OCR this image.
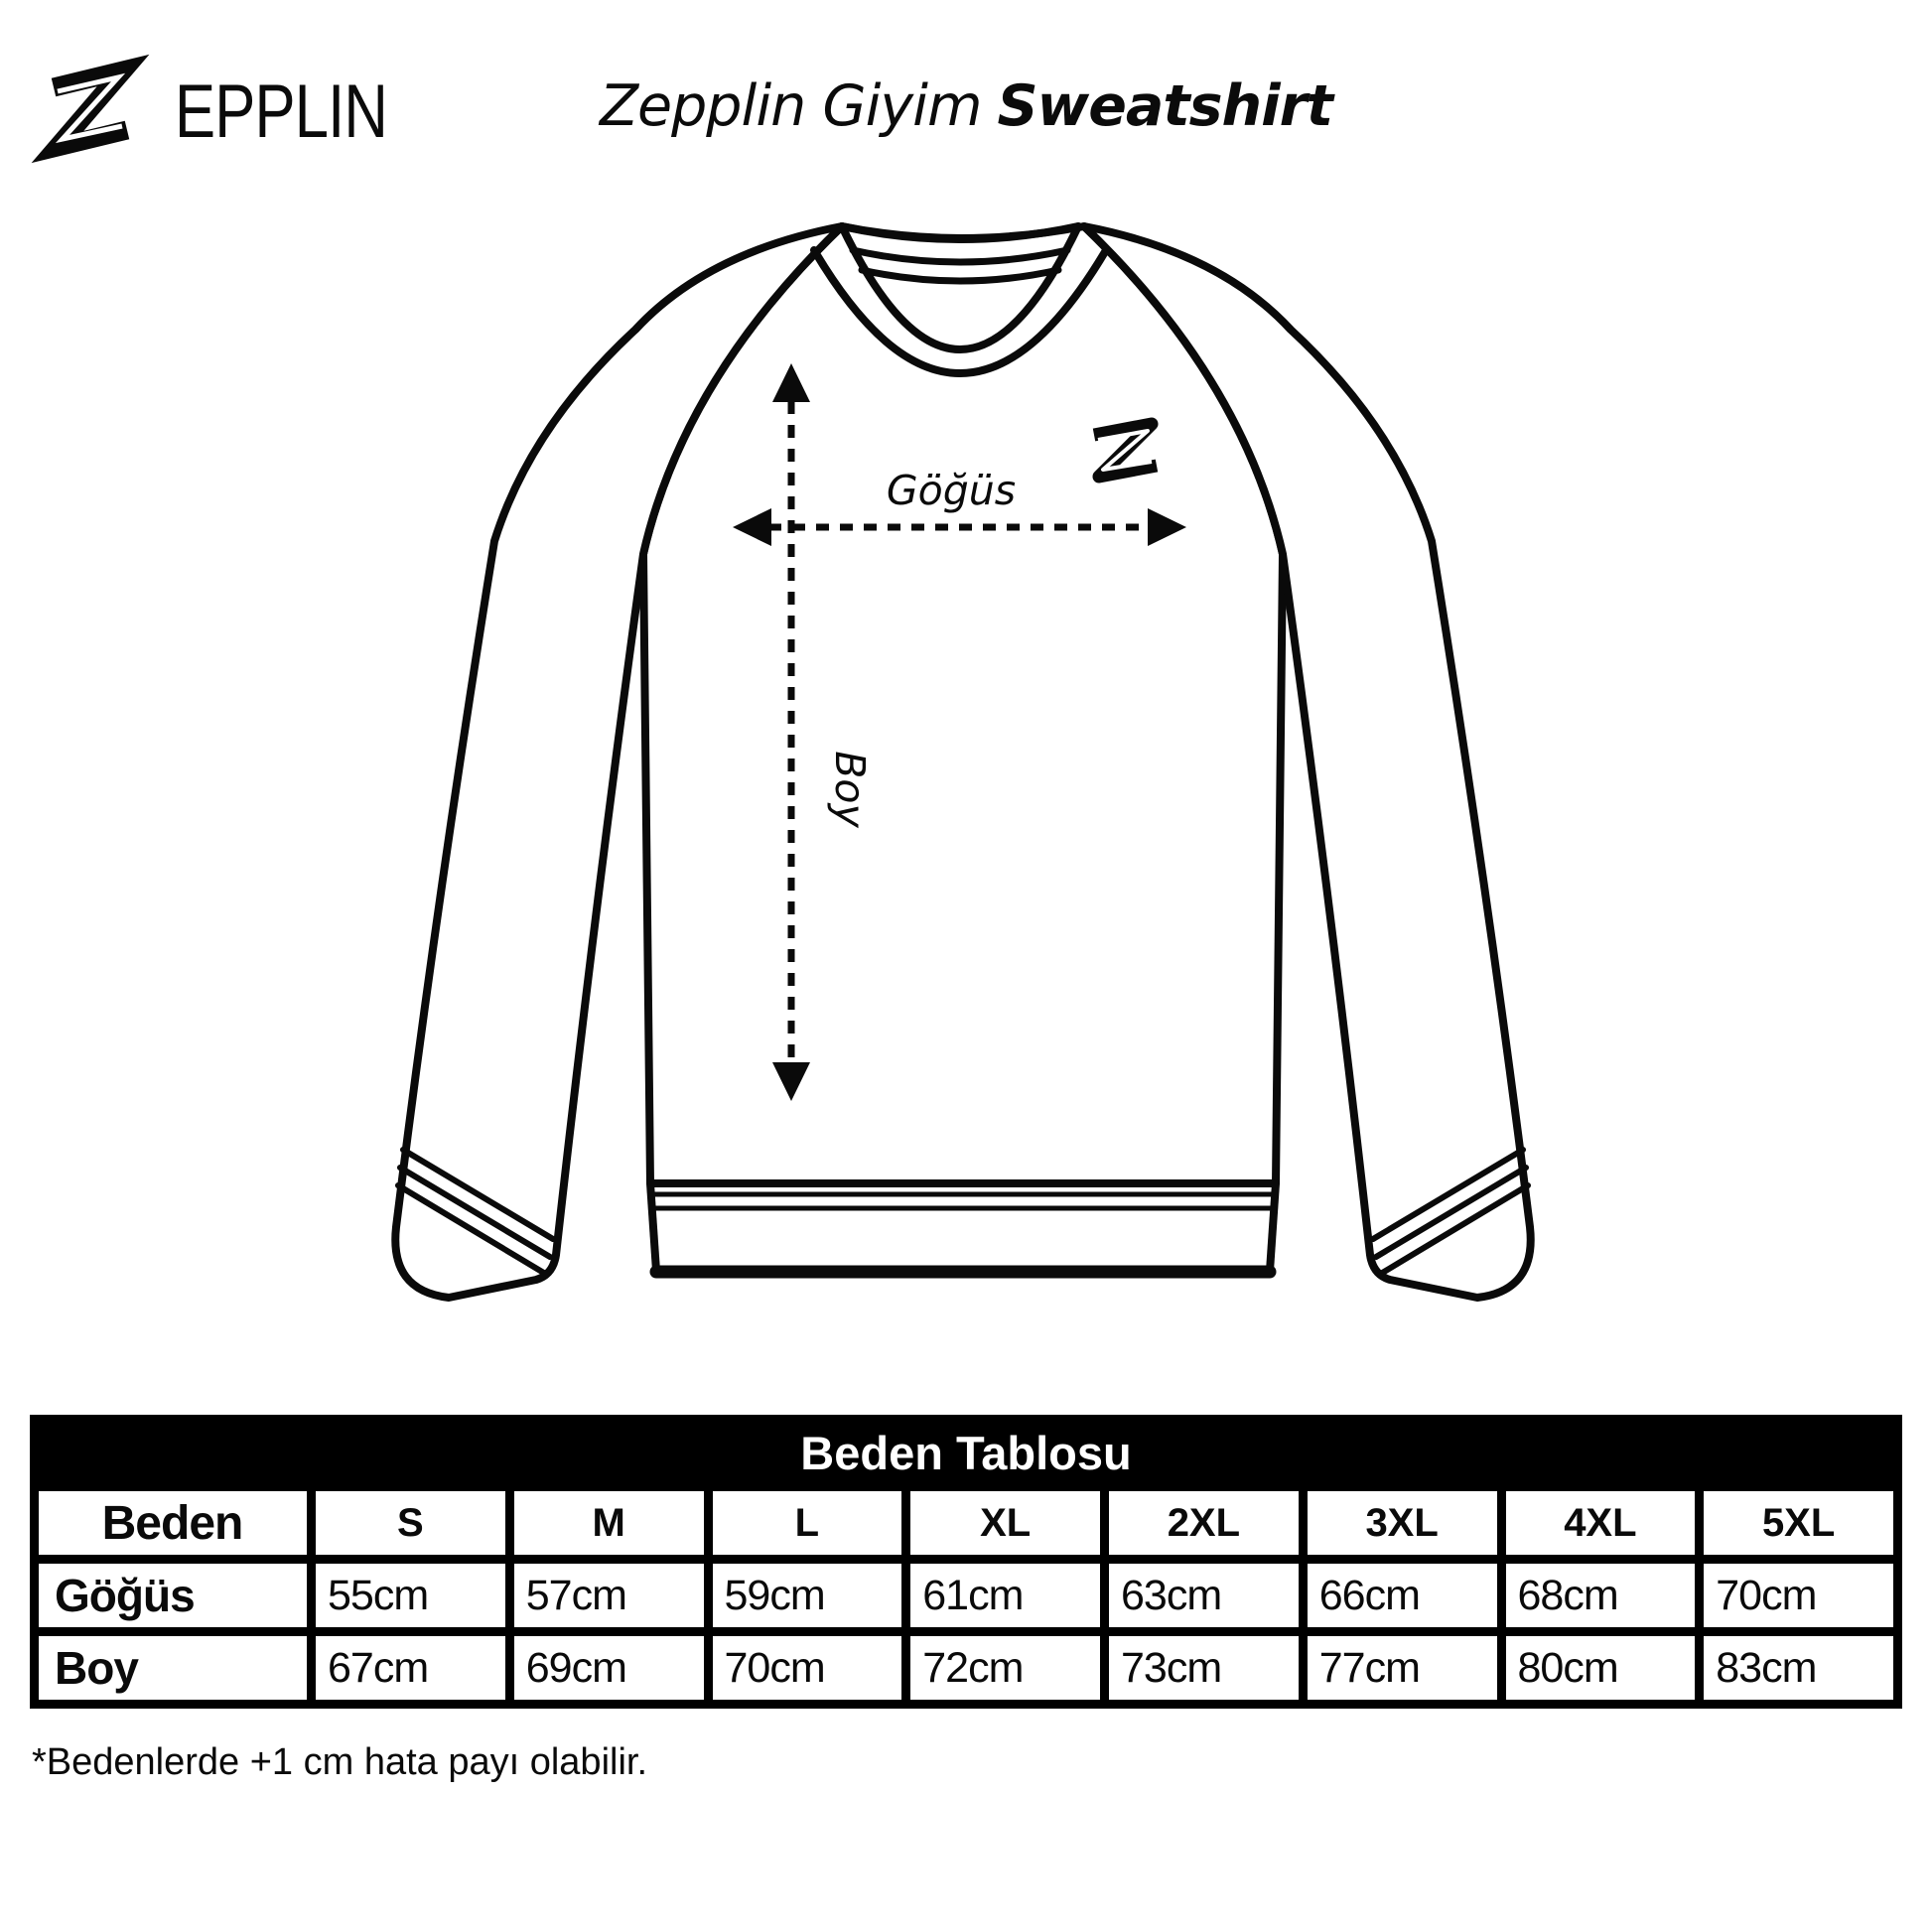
EPPLIN
Göğüs
Boy
Zepplin Giyim Sweatshirt
Beden Tablosu
Beden	S	M	L	XL	2XL	3XL	4XL	5XL
Göğüs	55cm	57cm	59cm	61cm	63cm	66cm	68cm	70cm
Boy	67cm	69cm	70cm	72cm	73cm	77cm	80cm	83cm
*Bedenlerde +1 cm hata payı olabilir.
